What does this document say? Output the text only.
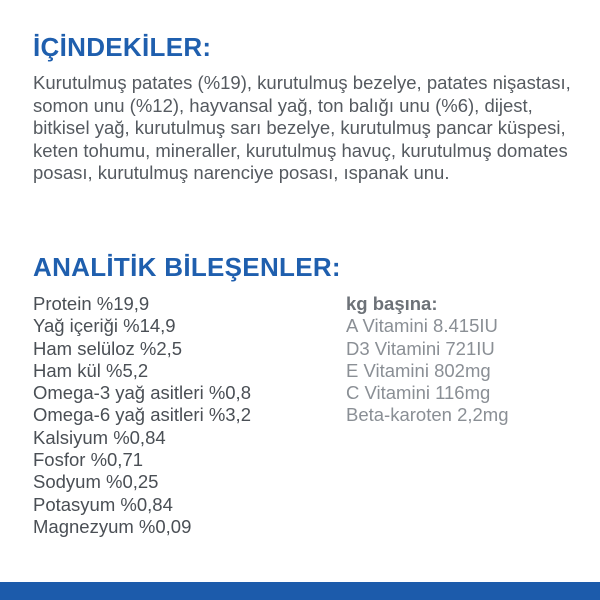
İÇİNDEKİLER:

Kurutulmuş patates (%19), kurutulmuş bezelye, patates nişastası, somon unu (%12), hayvansal yağ, ton balığı unu (%6), dijest, bitkisel yağ, kurutulmuş sarı bezelye, kurutulmuş pancar küspesi, keten tohumu, mineraller, kurutulmuş havuç, kurutulmuş domates posası, kurutulmuş narenciye posası, ıspanak unu.

ANALİTİK BİLEŞENLER:
Protein %19,9
Yağ içeriği %14,9
Ham selüloz %2,5
Ham kül %5,2
Omega-3 yağ asitleri %0,8
Omega-6 yağ asitleri %3,2
Kalsiyum %0,84
Fosfor %0,71
Sodyum %0,25
Potasyum %0,84
Magnezyum %0,09
kg başına:
A Vitamini 8.415IU
D3 Vitamini 721IU
E Vitamini 802mg
C Vitamini 116mg
Beta-karoten 2,2mg
